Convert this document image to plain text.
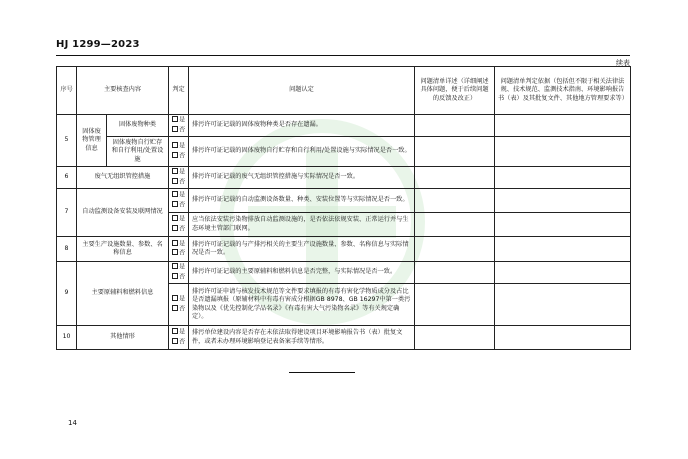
HJ 1299—2023
续表
序号	主要核查内容		判定	问题认定	问题清单详述（详细阐述具体问题，便于后续问题的反馈及改正）	问题清单判定依据（包括但不限于相关法律法规、技术规范、监测技术指南、环境影响报告书（表）及其批复文件、其他地方管理要求等）
5	固体废物管理信息	固体废物种类	是
否	排污许可证记载的固体废物种类是否存在遗漏。		
		固体废物自行贮存和自行利用/处置设施	是
否	排污许可证记载的固体废物自行贮存和自行利用/处置设施与实际情况是否一致。		
6	废气无组织管控措施		是
否	排污许可证记载的废气无组织管控措施与实际情况是否一致。		
7	自动监测设备安装及联网情况		是
否	排污许可证记载的自动监测设备数量、种类、安装位置等与实际情况是否一致。		

			是
否	应当依法安装污染物排放自动监测设施的，是否依法依规安装、正常运行并与生态环境主管部门联网。		
8	主要生产设施数量、参数、名称信息		是
否	排污许可证记载的与产排污相关的主要生产设施数量、参数、名称信息与实际情况是否一致。		
9	主要原辅料和燃料信息		是
否	排污许可证记载的主要原辅料和燃料信息是否完整，与实际情况是否一致。		

			是
否	排污许可证申请与核发技术规范等文件要求填报的有毒有害化学物质成分及占比是否遗漏填报（原辅材料中有毒有害成分根据GB 8978、GB 16297中第一类污染物以及《优先控制化学品名录》《有毒有害大气污染物名录》等有关规定确定）。		
10	其他情形		是
否	排污单位建设内容是否存在未依法取得建设项目环境影响报告书（表）批复文件，或者未办理环境影响登记表备案手续等情形。		
14
